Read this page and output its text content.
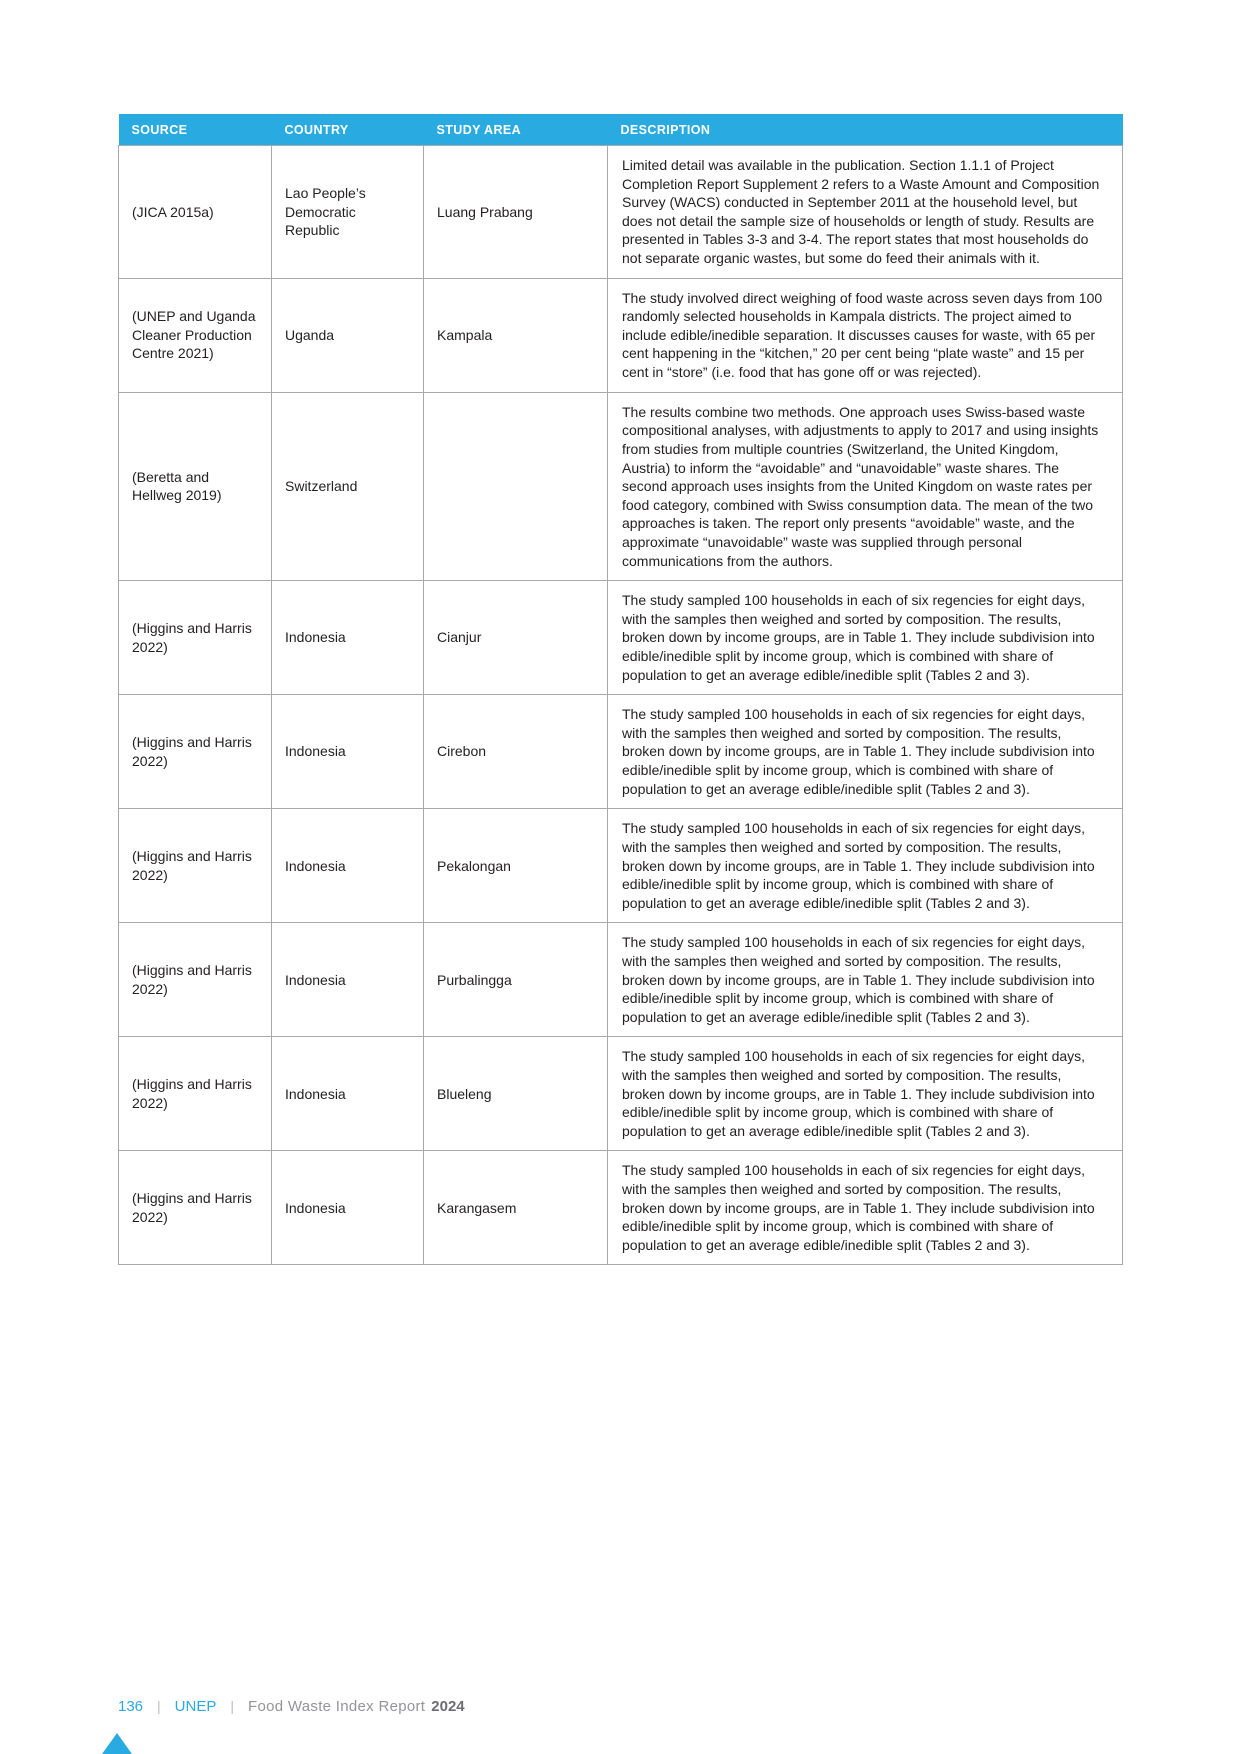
SOURCE	COUNTRY	STUDY AREA	DESCRIPTION
(JICA 2015a)	Lao People’s Democratic Republic	Luang Prabang	Limited detail was available in the publication. Section 1.1.1 of Project Completion Report Supplement 2 refers to a Waste Amount and Composition Survey (WACS) conducted in September 2011 at the household level, but does not detail the sample size of households or length of study. Results are presented in Tables 3-3 and 3-4. The report states that most households do not separate organic wastes, but some do feed their animals with it.
(UNEP and Uganda Cleaner Production Centre 2021)	Uganda	Kampala	The study involved direct weighing of food waste across seven days from 100 randomly selected households in Kampala districts. The project aimed to include edible/inedible separation. It discusses causes for waste, with 65 per cent happening in the “kitchen,” 20 per cent being “plate waste” and 15 per cent in “store” (i.e. food that has gone off or was rejected).
(Beretta and Hellweg 2019)	Switzerland		The results combine two methods. One approach uses Swiss-based waste compositional analyses, with adjustments to apply to 2017 and using insights from studies from multiple countries (Switzerland, the United Kingdom, Austria) to inform the “avoidable” and “unavoidable” waste shares. The second approach uses insights from the United Kingdom on waste rates per food category, combined with Swiss consumption data. The mean of the two approaches is taken. The report only presents “avoidable” waste, and the approximate “unavoidable” waste was supplied through personal communications from the authors.
(Higgins and Harris 2022)	Indonesia	Cianjur	The study sampled 100 households in each of six regencies for eight days, with the samples then weighed and sorted by composition. The results, broken down by income groups, are in Table 1. They include subdivision into edible/inedible split by income group, which is combined with share of population to get an average edible/inedible split (Tables 2 and 3).
(Higgins and Harris 2022)	Indonesia	Cirebon	The study sampled 100 households in each of six regencies for eight days, with the samples then weighed and sorted by composition. The results, broken down by income groups, are in Table 1. They include subdivision into edible/inedible split by income group, which is combined with share of population to get an average edible/inedible split (Tables 2 and 3).
(Higgins and Harris 2022)	Indonesia	Pekalongan	The study sampled 100 households in each of six regencies for eight days, with the samples then weighed and sorted by composition. The results, broken down by income groups, are in Table 1. They include subdivision into edible/inedible split by income group, which is combined with share of population to get an average edible/inedible split (Tables 2 and 3).
(Higgins and Harris 2022)	Indonesia	Purbalingga	The study sampled 100 households in each of six regencies for eight days, with the samples then weighed and sorted by composition. The results, broken down by income groups, are in Table 1. They include subdivision into edible/inedible split by income group, which is combined with share of population to get an average edible/inedible split (Tables 2 and 3).
(Higgins and Harris 2022)	Indonesia	Blueleng	The study sampled 100 households in each of six regencies for eight days, with the samples then weighed and sorted by composition. The results, broken down by income groups, are in Table 1. They include subdivision into edible/inedible split by income group, which is combined with share of population to get an average edible/inedible split (Tables 2 and 3).
(Higgins and Harris 2022)	Indonesia	Karangasem	The study sampled 100 households in each of six regencies for eight days, with the samples then weighed and sorted by composition. The results, broken down by income groups, are in Table 1. They include subdivision into edible/inedible split by income group, which is combined with share of population to get an average edible/inedible split (Tables 2 and 3).
136 | UNEP | Food Waste Index Report 2024
